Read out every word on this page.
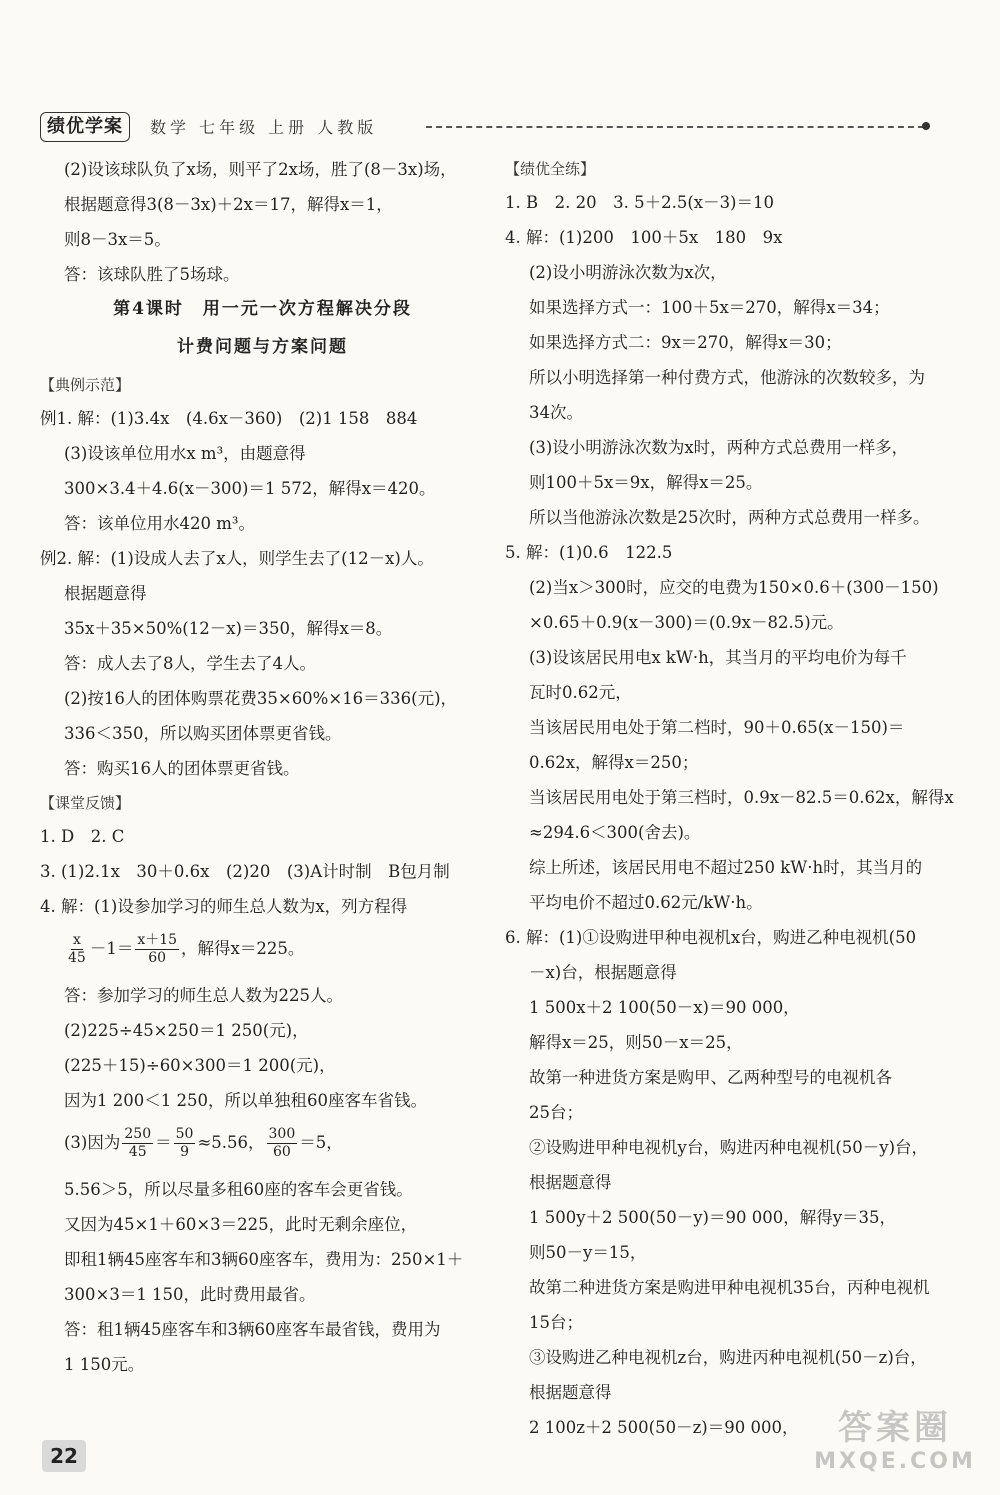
绩优学案	数学 七年级 上册 人教版
(2)设该球队负了x场，则平了2x场，胜了(8－3x)场，
根据题意得3(8－3x)＋2x＝17，解得x＝1，
则8－3x＝5。
答：该球队胜了5场球。
第4课时　用一元一次方程解决分段
计费问题与方案问题
【典例示范】
例1. 解：(1)3.4x　(4.6x－360)　(2)1 158　884
(3)设该单位用水x m³，由题意得
300×3.4＋4.6(x－300)＝1 572，解得x＝420。
答：该单位用水420 m³。
例2. 解：(1)设成人去了x人，则学生去了(12－x)人。
根据题意得
35x＋35×50%(12－x)＝350，解得x＝8。
答：成人去了8人，学生去了4人。
(2)按16人的团体购票花费35×60%×16＝336(元)，
336＜350，所以购买团体票更省钱。
答：购买16人的团体票更省钱。
【课堂反馈】
1. D　2. C
3. (1)2.1x　30＋0.6x　(2)20　(3)A计时制　B包月制
4. 解：(1)设参加学习的师生总人数为x，列方程得
$\frac{x}{45} -1= \frac{x+15}{60}$ ，解得x＝225。
答：参加学习的师生总人数为225人。
(2)225÷45×250＝1 250(元)，
(225＋15)÷60×300＝1 200(元)，
因为1 200＜1 250，所以单独租60座客车省钱。
(3)因为 $\frac{250}{45} = \frac{50}{9} \approx 5.56$， $\frac{300}{60} =5$，
5.56＞5，所以尽量多租60座的客车会更省钱。
又因为45×1＋60×3＝225，此时无剩余座位，
即租1辆45座客车和3辆60座客车，费用为：250×1＋
300×3＝1 150，此时费用最省。
答：租1辆45座客车和3辆60座客车最省钱，费用为
1 150元。
【绩优全练】
1. B　2. 20　3. 5＋2.5(x－3)＝10
4. 解：(1)200　100＋5x　180　9x
(2)设小明游泳次数为x次，
如果选择方式一：100＋5x＝270，解得x＝34；
如果选择方式二：9x＝270，解得x＝30；
所以小明选择第一种付费方式，他游泳的次数较多，为
34次。
(3)设小明游泳次数为x时，两种方式总费用一样多，
则100＋5x＝9x，解得x＝25。
所以当他游泳次数是25次时，两种方式总费用一样多。
5. 解：(1)0.6　122.5
(2)当x＞300时，应交的电费为150×0.6＋(300－150)
×0.65＋0.9(x－300)＝(0.9x－82.5)元。
(3)设该居民用电x kW·h，其当月的平均电价为每千
瓦时0.62元，
当该居民用电处于第二档时，90＋0.65(x－150)＝
0.62x，解得x＝250；
当该居民用电处于第三档时，0.9x－82.5＝0.62x，解得x
≈294.6＜300(舍去)。
综上所述，该居民用电不超过250 kW·h时，其当月的
平均电价不超过0.62元/kW·h。
6. 解：(1)①设购进甲种电视机x台，购进乙种电视机(50
－x)台，根据题意得
1 500x＋2 100(50－x)＝90 000，
解得x＝25，则50－x＝25，
故第一种进货方案是购甲、乙两种型号的电视机各
25台；
②设购进甲种电视机y台，购进丙种电视机(50－y)台，
根据题意得
1 500y＋2 500(50－y)＝90 000，解得y＝35，
则50－y＝15，
故第二种进货方案是购进甲种电视机35台，丙种电视机
15台；
③设购进乙种电视机z台，购进丙种电视机(50－z)台，
根据题意得
2 100z＋2 500(50－z)＝90 000，
22
答案圈
MXQE.COM
